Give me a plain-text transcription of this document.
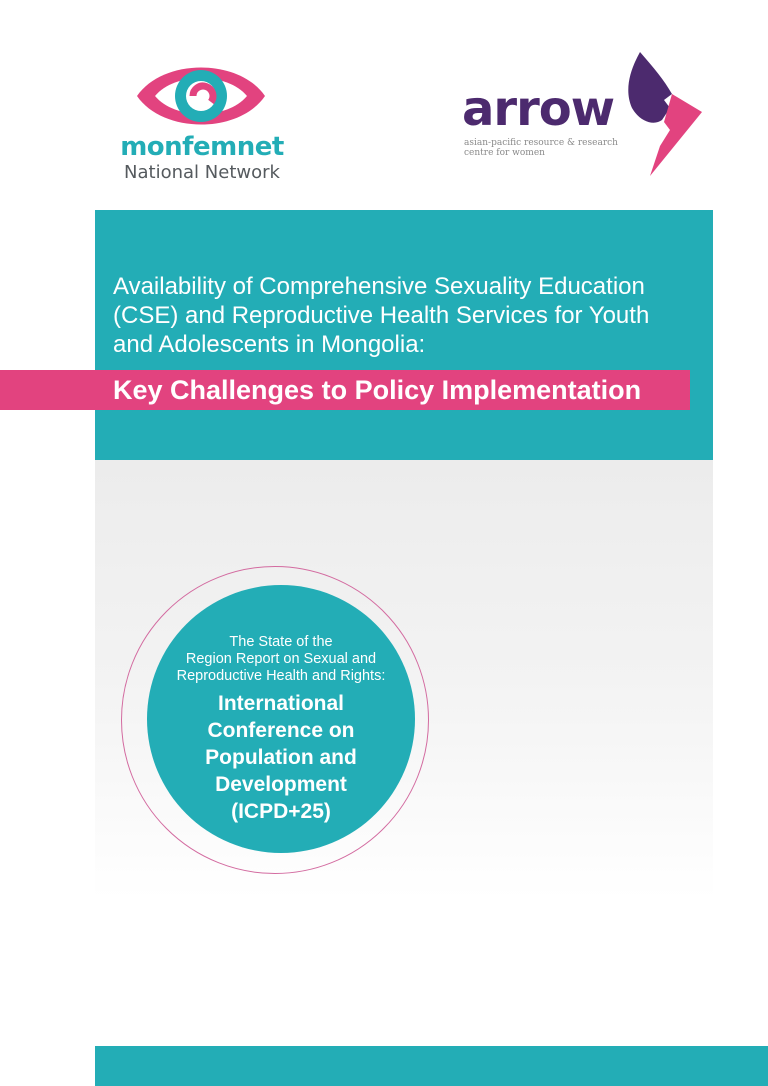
monfemnet
National Network
arrow
asian-pacific resource & research
centre for women
Availability of Comprehensive Sexuality Education
(CSE) and Reproductive Health Services for Youth
and Adolescents in Mongolia:
Key Challenges to Policy Implementation
The State of the
Region Report on Sexual and
Reproductive Health and Rights:
International
Conference on
Population and
Development
(ICPD+25)
